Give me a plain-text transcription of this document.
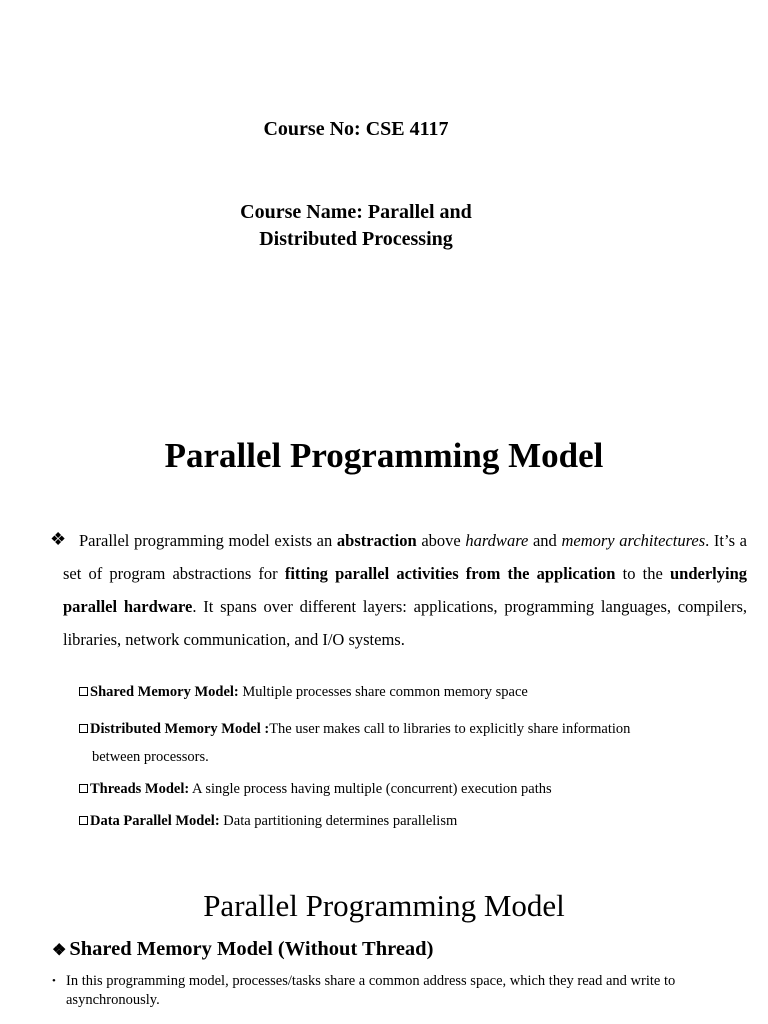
Course No: CSE 4117
Course Name: Parallel and
Distributed Processing
Parallel Programming Model
❖ Parallel programming model exists an abstraction above hardware and memory architectures. It’s a set of program abstractions for fitting parallel activities from the application to the underlying parallel hardware. It spans over different layers: applications, programming languages, compilers, libraries, network communication, and I/O systems.
Shared Memory Model: Multiple processes share common memory space
Distributed Memory Model :The user makes call to libraries to explicitly share information
between processors.
Threads Model: A single process having multiple (concurrent) execution paths
Data Parallel Model: Data partitioning determines parallelism
Parallel Programming Model
❖ Shared Memory Model (Without Thread)
• In this programming model, processes/tasks share a common address space, which they read and write to asynchronously.
